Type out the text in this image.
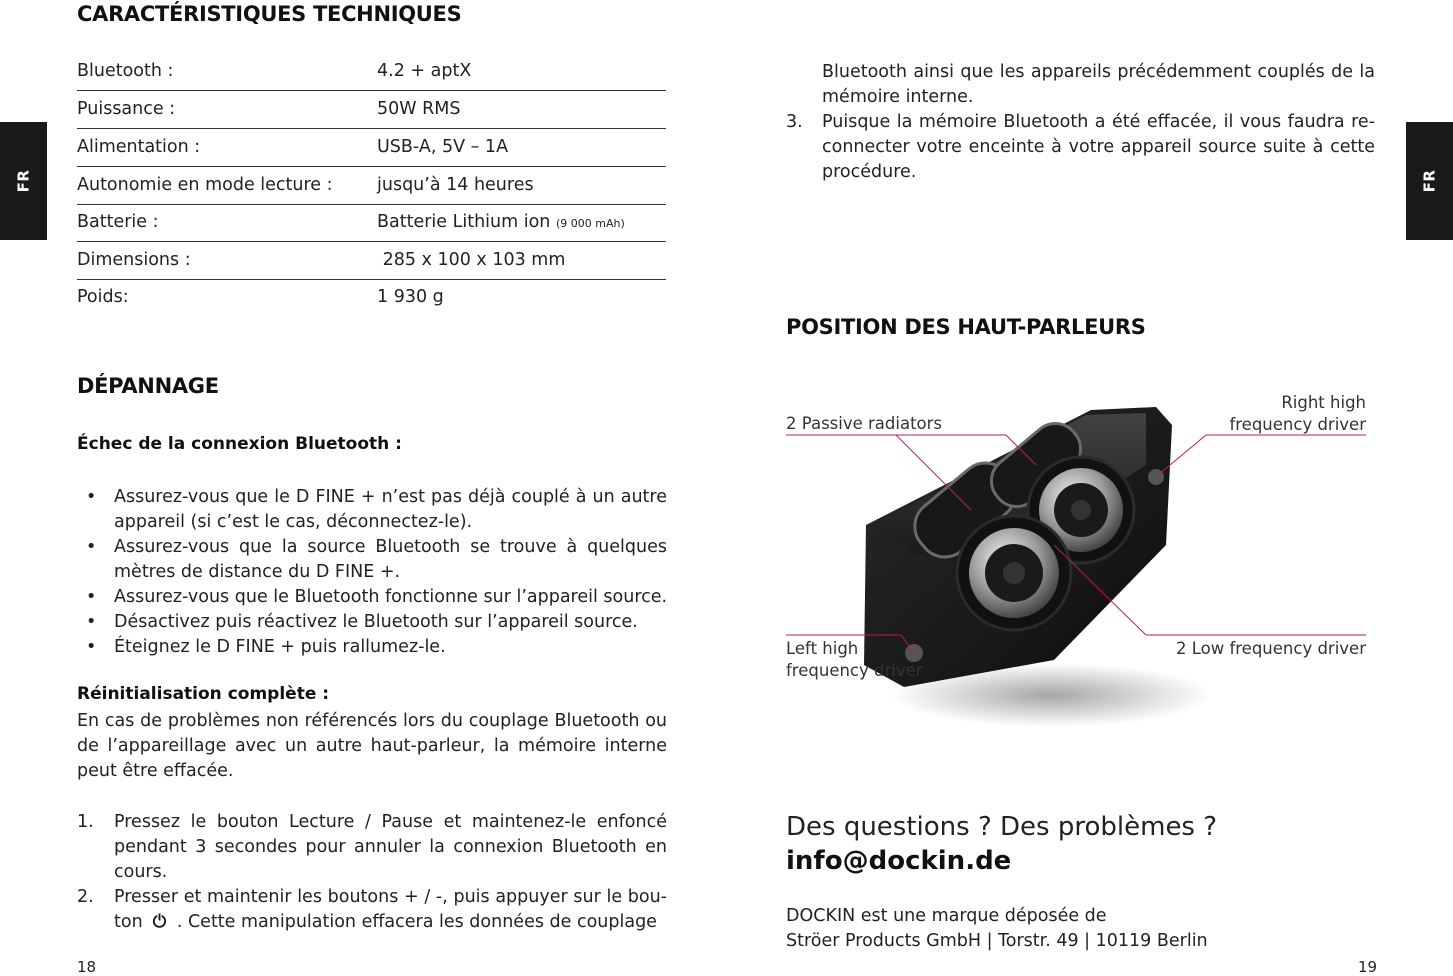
FR	FR
CARACTÉRISTIQUES TECHNIQUES
Bluetooth :	4.2 + aptX
Puissance :	50W RMS
Alimentation :	USB-A, 5V – 1A
Autonomie en mode lecture :	jusqu’à 14 heures
Batterie :	Batterie Lithium ion (9 000 mAh)
Dimensions :	285 x 100 x 103 mm
Poids:	1 930 g
DÉPANNAGE
Échec de la connexion Bluetooth :
• Assurez-vous que le D FINE + n’est pas déjà couplé à un autre appareil (si c’est le cas, déconnectez-le).
• Assurez-vous que la source Bluetooth se trouve à quelques mètres de distance du D FINE +.
• Assurez-vous que le Bluetooth fonctionne sur l’appareil source.
• Désactivez puis réactivez le Bluetooth sur l’appareil source.
• Éteignez le D FINE + puis rallumez-le.
Réinitialisation complète :
En cas de problèmes non référencés lors du couplage Bluetooth ou de l’appareillage avec un autre haut-parleur, la mémoire interne peut être effacée.
1. Pressez le bouton Lecture / Pause et maintenez-le enfoncé pendant 3 secondes pour annuler la connexion Bluetooth en cours.
2. Presser et maintenir les boutons + / -, puis appuyer sur le bou-ton . Cette manipulation effacera les données de couplage
18
Bluetooth ainsi que les appareils précédemment couplés de la mémoire interne.
3. Puisque la mémoire Bluetooth a été effacée, il vous faudra re-connecter votre enceinte à votre appareil source suite à cette procédure.
POSITION DES HAUT-PARLEURS
2 Passive radiators
Right high
frequency driver
Left high
frequency driver
2 Low frequency driver
Des questions ? Des problèmes ?
info@dockin.de
DOCKIN est une marque déposée de
Ströer Products GmbH | Torstr. 49 | 10119 Berlin
19
